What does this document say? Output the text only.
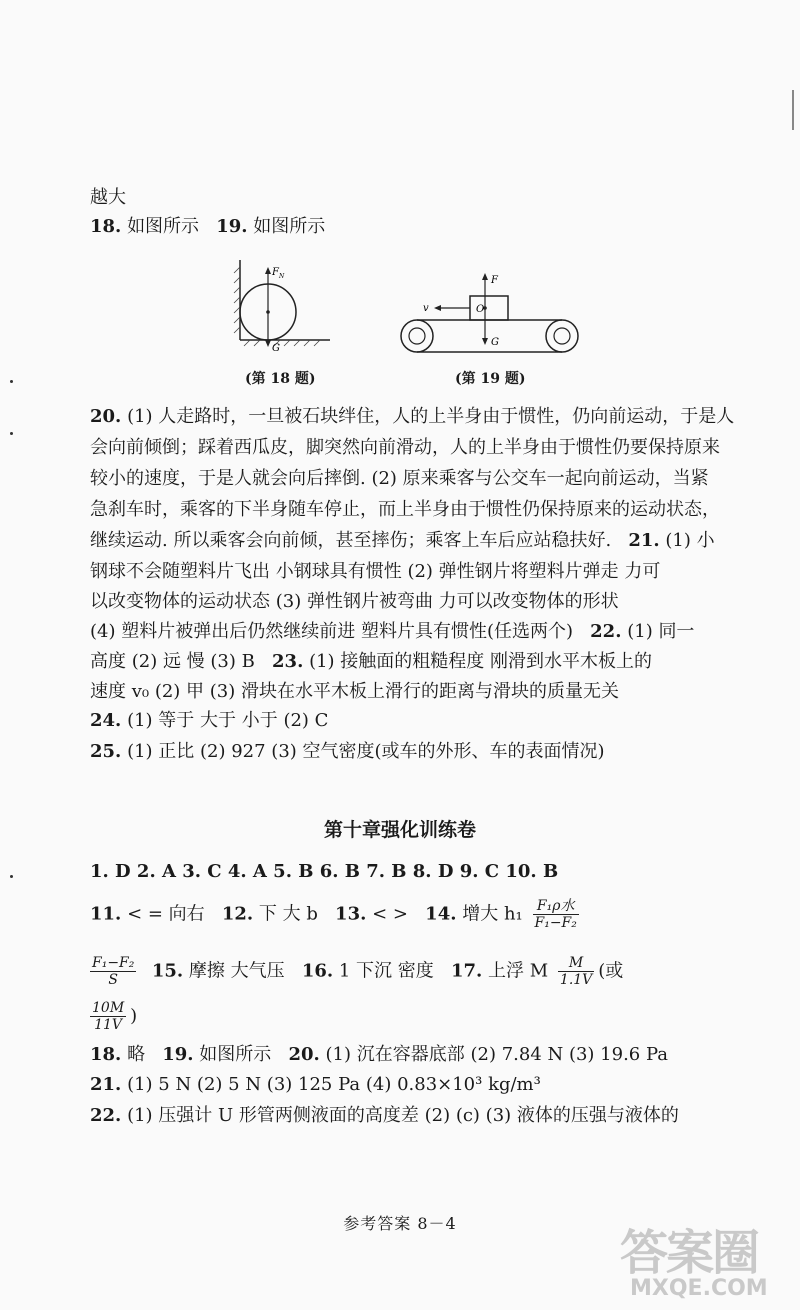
越大
18. 如图所示 19. 如图所示
F N
G
(第 18 题)
F
G
O
v
(第 19 题)
20. (1) 人走路时，一旦被石块绊住，人的上半身由于惯性，仍向前运动，于是人
会向前倾倒；踩着西瓜皮，脚突然向前滑动，人的上半身由于惯性仍要保持原来
较小的速度，于是人就会向后摔倒. (2) 原来乘客与公交车一起向前运动，当紧
急刹车时，乘客的下半身随车停止，而上半身由于惯性仍保持原来的运动状态，
继续运动. 所以乘客会向前倾，甚至摔伤；乘客上车后应站稳扶好. 21. (1) 小
钢球不会随塑料片飞出 小钢球具有惯性 (2) 弹性钢片将塑料片弹走 力可
以改变物体的运动状态 (3) 弹性钢片被弯曲 力可以改变物体的形状
(4) 塑料片被弹出后仍然继续前进 塑料片具有惯性(任选两个) 22. (1) 同一
高度 (2) 远 慢 (3) B 23. (1) 接触面的粗糙程度 刚滑到水平木板上的
速度 v₀ (2) 甲 (3) 滑块在水平木板上滑行的距离与滑块的质量无关
24. (1) 等于 大于 小于 (2) C
25. (1) 正比 (2) 927 (3) 空气密度(或车的外形、车的表面情况)
第十章强化训练卷
1. D 2. A 3. C 4. A 5. B 6. B 7. B 8. D 9. C 10. B
11. < = 向右 12. 下 大 b 13. < > 14. 增大 $h_1 \frac{\text{F₁ρ水}}{\text{F₁−F₂}}$
$\frac{\text{F₁−F₂}}{S} 15$. 摩擦 大气压 16. 1 下沉 密度 17. 上浮 M $\frac{M}{1.1V}$ (或
$\frac{10M}{11V}$ )
18. 略 19. 如图所示 20. (1) 沉在容器底部 (2) 7.84 N (3) 19.6 Pa
21. (1) 5 N (2) 5 N (3) 125 Pa (4) 0.83×10³ kg/m³
22. (1) 压强计 U 形管两侧液面的高度差 (2) (c) (3) 液体的压强与液体的
参考答案 8－4
答案圈
MXQE.COM
